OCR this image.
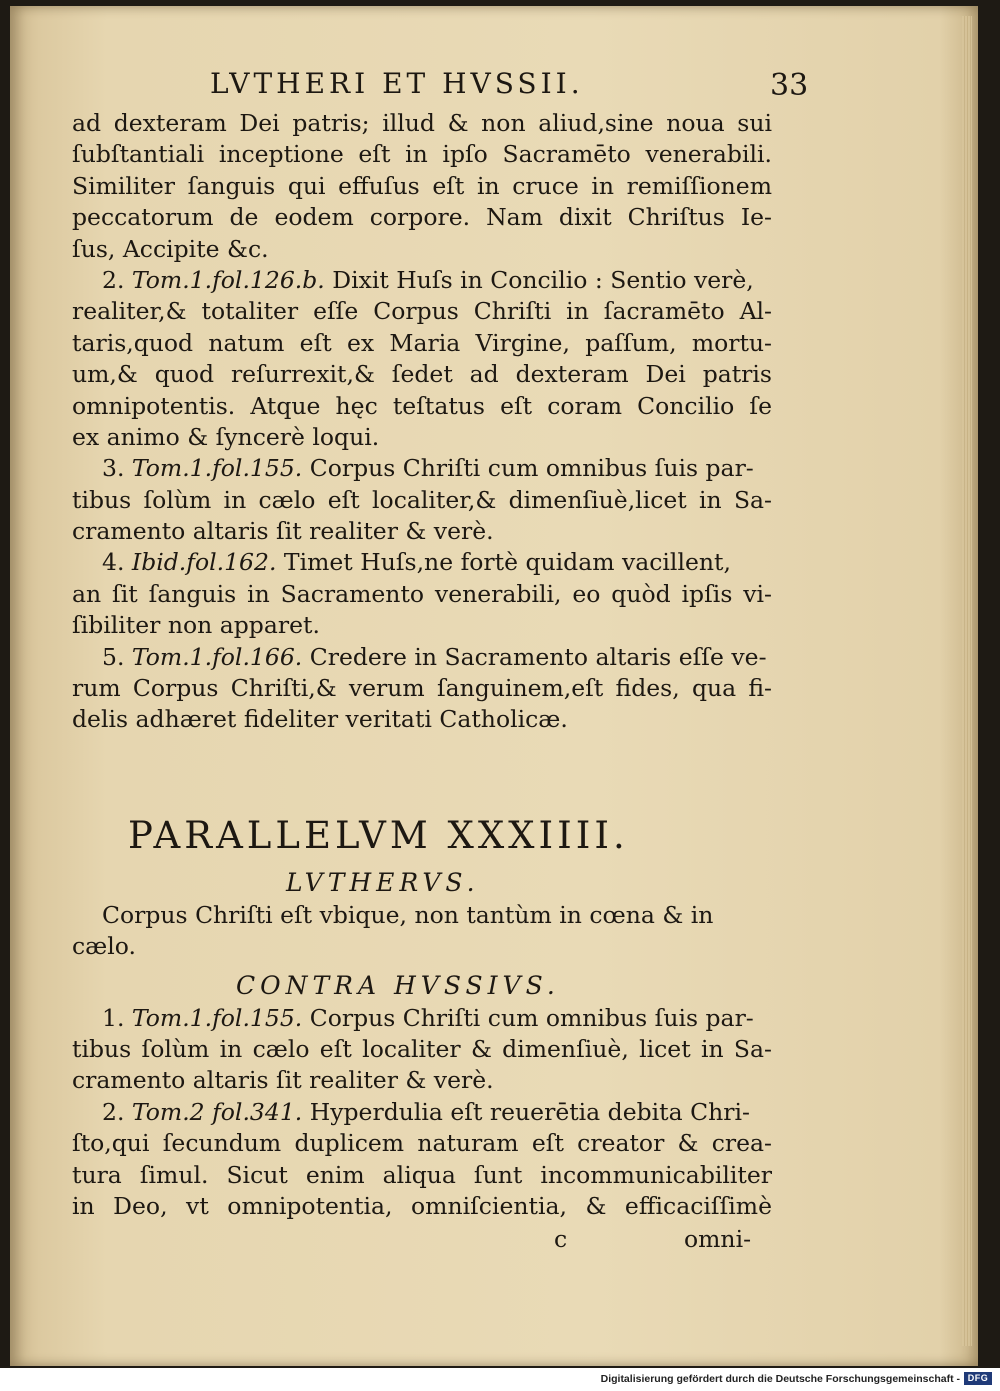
LVTHERI ET HVSSII.	33
ad dexteram Dei patris; illud & non aliud,sine noua sui
ſubſtantiali inceptione eſt in ipſo Sacramēto venerabili.
Similiter ſanguis qui effuſus eſt in cruce in remiſſionem
peccatorum de eodem corpore. Nam dixit Chriſtus Ie-
ſus, Accipite &c.
2. Tom.1.fol.126.b. Dixit Huſs in Concilio : Sentio verè,
realiter,& totaliter eſſe Corpus Chriſti in ſacramēto Al-
taris,quod natum eſt ex Maria Virgine, paſſum, mortu-
um,& quod reſurrexit,& ſedet ad dexteram Dei patris
omnipotentis. Atque hęc teſtatus eſt coram Concilio ſe
ex animo & ſyncerè loqui.
3. Tom.1.fol.155. Corpus Chriſti cum omnibus ſuis par-
tibus ſolùm in cælo eſt localiter,& dimenſiuè,licet in Sa-
cramento altaris ſit realiter & verè.
4. Ibid.fol.162. Timet Huſs,ne fortè quidam vacillent,
an ſit ſanguis in Sacramento venerabili, eo quòd ipſis vi-
ſibiliter non apparet.
5. Tom.1.fol.166. Credere in Sacramento altaris eſſe ve-
rum Corpus Chriſti,& verum ſanguinem,eſt fides, qua fi-
delis adhæret fideliter veritati Catholicæ.
PARALLELVM XXXIIII.
LVTHERVS.
Corpus Chriſti eſt vbique, non tantùm in cœna & in
cælo.
CONTRA HVSSIVS.
1. Tom.1.fol.155. Corpus Chriſti cum omnibus ſuis par-
tibus ſolùm in cælo eſt localiter & dimenſiuè, licet in Sa-
cramento altaris ſit realiter & verè.
2. Tom.2 fol.341. Hyperdulia eſt reuerētia debita Chri-
ſto,qui ſecundum duplicem naturam eſt creator & crea-
tura ſimul. Sicut enim aliqua ſunt incommunicabiliter
in Deo, vt omnipotentia, omniſcientia, & efficaciſſimè
c	omni-
Digitalisierung gefördert durch die Deutsche Forschungsgemeinschaft - DFG
